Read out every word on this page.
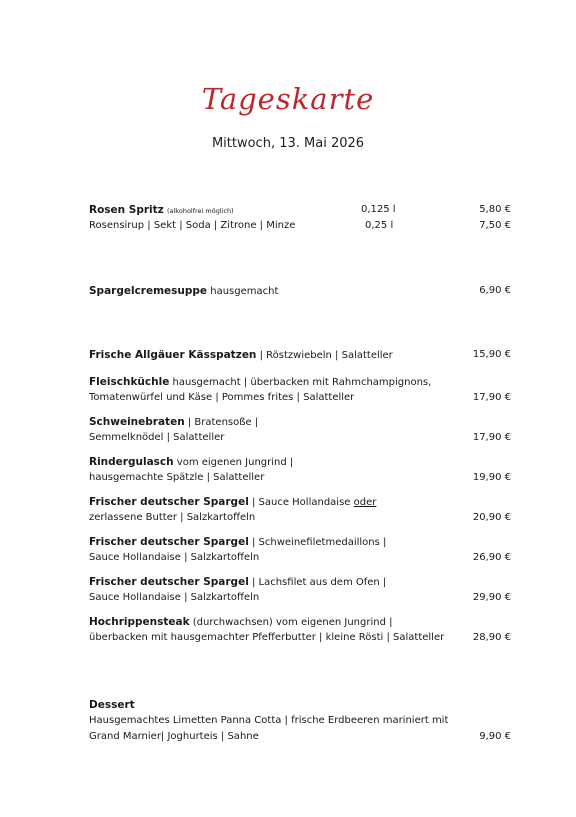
Tageskarte
Mittwoch, 13. Mai 2026
Rosen Spritz (alkoholfrei möglich)	0,125 l	5,80 €
Rosensirup | Sekt | Soda | Zitrone | Minze	0,25 l	7,50 €
Spargelcremesuppe hausgemacht	6,90 €
Frische Allgäuer Kässpatzen | Röstzwiebeln | Salatteller	15,90 €
Fleischküchle hausgemacht | überbacken mit Rahmchampignons,
Tomatenwürfel und Käse | Pommes frites | Salatteller	17,90 €
Schweinebraten | Bratensoße |
Semmelknödel | Salatteller	17,90 €
Rindergulasch vom eigenen Jungrind |
hausgemachte Spätzle | Salatteller	19,90 €
Frischer deutscher Spargel | Sauce Hollandaise oder
zerlassene Butter | Salzkartoffeln	20,90 €
Frischer deutscher Spargel | Schweinefiletmedaillons |
Sauce Hollandaise | Salzkartoffeln	26,90 €
Frischer deutscher Spargel | Lachsfilet aus dem Ofen |
Sauce Hollandaise | Salzkartoffeln	29,90 €
Hochrippensteak (durchwachsen) vom eigenen Jungrind |
überbacken mit hausgemachter Pfefferbutter | kleine Rösti | Salatteller	28,90 €
Dessert
Hausgemachtes Limetten Panna Cotta | frische Erdbeeren mariniert mit
Grand Marnier| Joghurteis | Sahne	9,90 €
